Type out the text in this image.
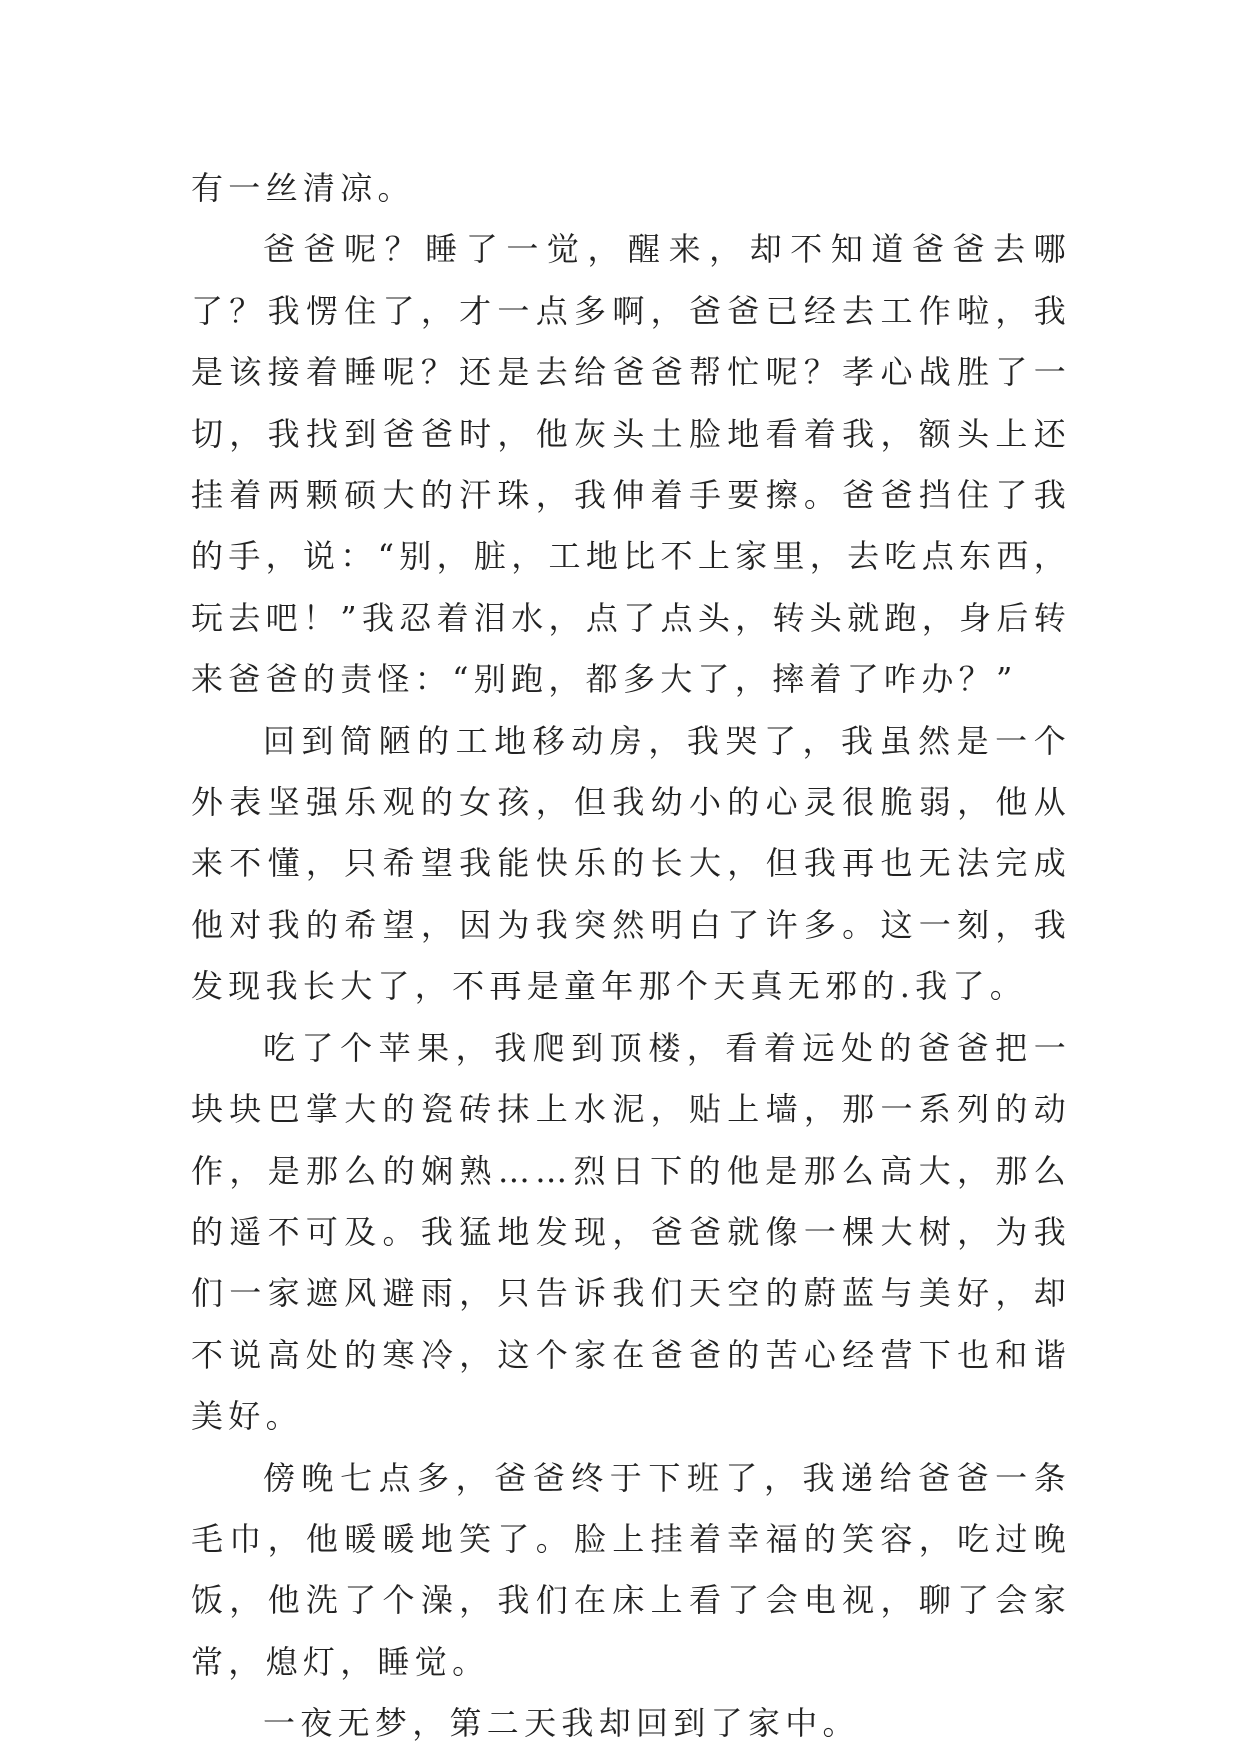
有一丝清凉。

爸爸呢？睡了一觉，醒来，却不知道爸爸去哪了？我愣住了，才一点多啊，爸爸已经去工作啦，我是该接着睡呢？还是去给爸爸帮忙呢？孝心战胜了一切，我找到爸爸时，他灰头土脸地看着我，额头上还挂着两颗硕大的汗珠，我伸着手要擦。爸爸挡住了我的手，说：“别，脏，工地比不上家里，去吃点东西，玩去吧！”我忍着泪水，点了点头，转头就跑，身后转来爸爸的责怪：“别跑，都多大了，摔着了咋办？”

回到简陋的工地移动房，我哭了，我虽然是一个外表坚强乐观的女孩，但我幼小的心灵很脆弱，他从来不懂，只希望我能快乐的长大，但我再也无法完成他对我的希望，因为我突然明白了许多。这一刻，我发现我长大了，不再是童年那个天真无邪的.我了。

吃了个苹果，我爬到顶楼，看着远处的爸爸把一块块巴掌大的瓷砖抹上水泥，贴上墙，那一系列的动作，是那么的娴熟……烈日下的他是那么高大，那么的遥不可及。我猛地发现，爸爸就像一棵大树，为我们一家遮风避雨，只告诉我们天空的蔚蓝与美好，却不说高处的寒冷，这个家在爸爸的苦心经营下也和谐美好。

傍晚七点多，爸爸终于下班了，我递给爸爸一条毛巾，他暖暖地笑了。脸上挂着幸福的笑容，吃过晚饭，他洗了个澡，我们在床上看了会电视，聊了会家常，熄灯，睡觉。

一夜无梦，第二天我却回到了家中。
